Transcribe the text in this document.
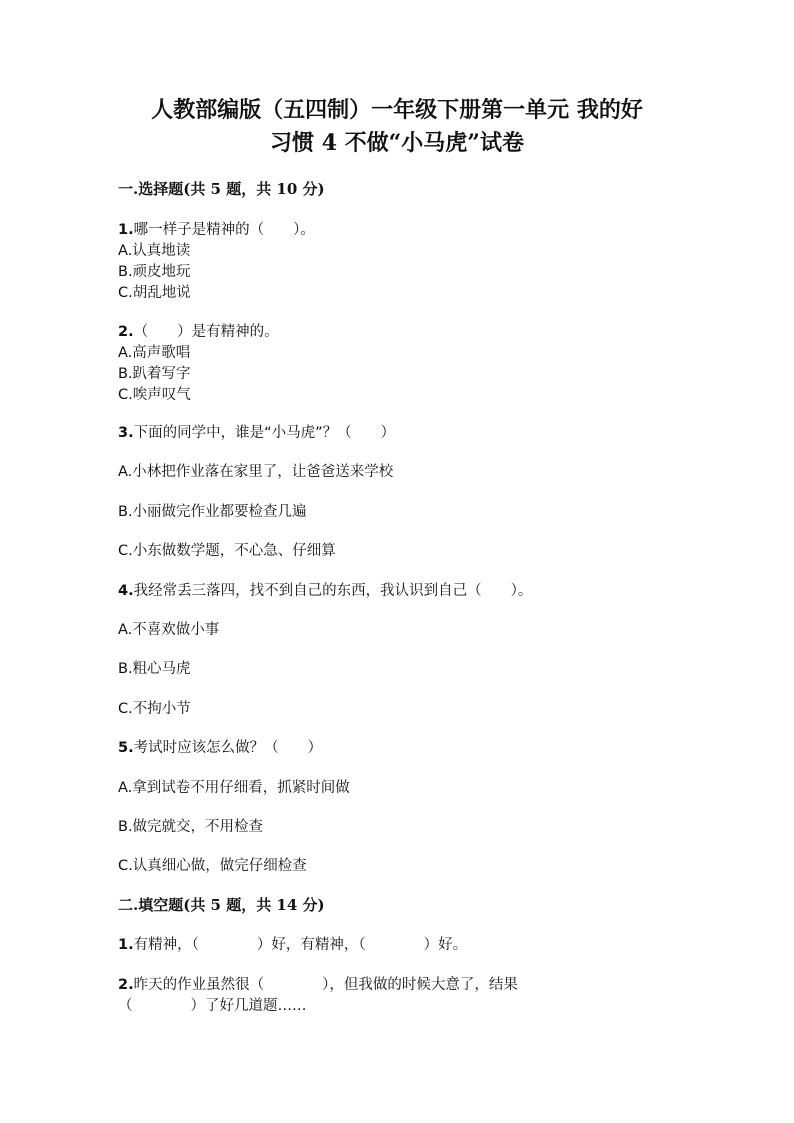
人教部编版（五四制）一年级下册第一单元 我的好
习惯 4 不做“小马虎”试卷
一.选择题(共 5 题，共 10 分)
1.哪一样子是精神的（　　）。
A.认真地读
B.顽皮地玩
C.胡乱地说
2.（　　）是有精神的。
A.高声歌唱
B.趴着写字
C.唉声叹气
3.下面的同学中，谁是“小马虎”？（　　）
A.小林把作业落在家里了，让爸爸送来学校
B.小丽做完作业都要检查几遍
C.小东做数学题，不心急、仔细算
4.我经常丢三落四，找不到自己的东西，我认识到自己（　　）。
A.不喜欢做小事
B.粗心马虎
C.不拘小节
5.考试时应该怎么做？（　　）
A.拿到试卷不用仔细看，抓紧时间做
B.做完就交，不用检查
C.认真细心做，做完仔细检查
二.填空题(共 5 题，共 14 分)
1.有精神，（　　　　）好，有精神，（　　　　）好。
2.昨天的作业虽然很（　　　　），但我做的时候大意了，结果
（　　　　）了好几道题……
